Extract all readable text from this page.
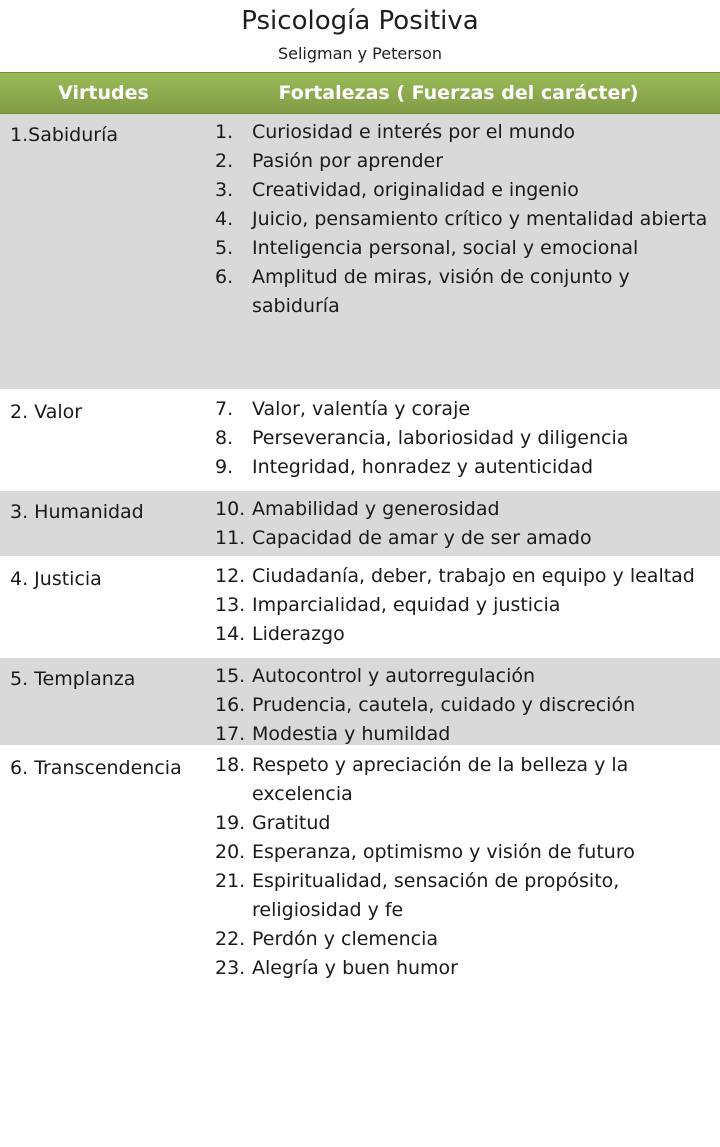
Psicología Positiva
Seligman y Peterson
Virtudes	Fortalezas ( Fuerzas del carácter)
1.Sabiduría	1. Curiosidad e interés por el mundo
2. Pasión por aprender
3. Creatividad, originalidad e ingenio
4. Juicio, pensamiento crítico y mentalidad abierta
5. Inteligencia personal, social y emocional
6. Amplitud de miras, visión de conjunto y sabiduría
2. Valor	7. Valor, valentía y coraje
8. Perseverancia, laboriosidad y diligencia
9. Integridad, honradez y autenticidad
3. Humanidad	10. Amabilidad y generosidad
11. Capacidad de amar y de ser amado
4. Justicia	12. Ciudadanía, deber, trabajo en equipo y lealtad
13. Imparcialidad, equidad y justicia
14. Liderazgo
5. Templanza	15. Autocontrol y autorregulación
16. Prudencia, cautela, cuidado y discreción
17. Modestia y humildad
6. Transcendencia	18. Respeto y apreciación de la belleza y la excelencia
19. Gratitud
20. Esperanza, optimismo y visión de futuro
21. Espiritualidad, sensación de propósito, religiosidad y fe
22. Perdón y clemencia
23. Alegría y buen humor
